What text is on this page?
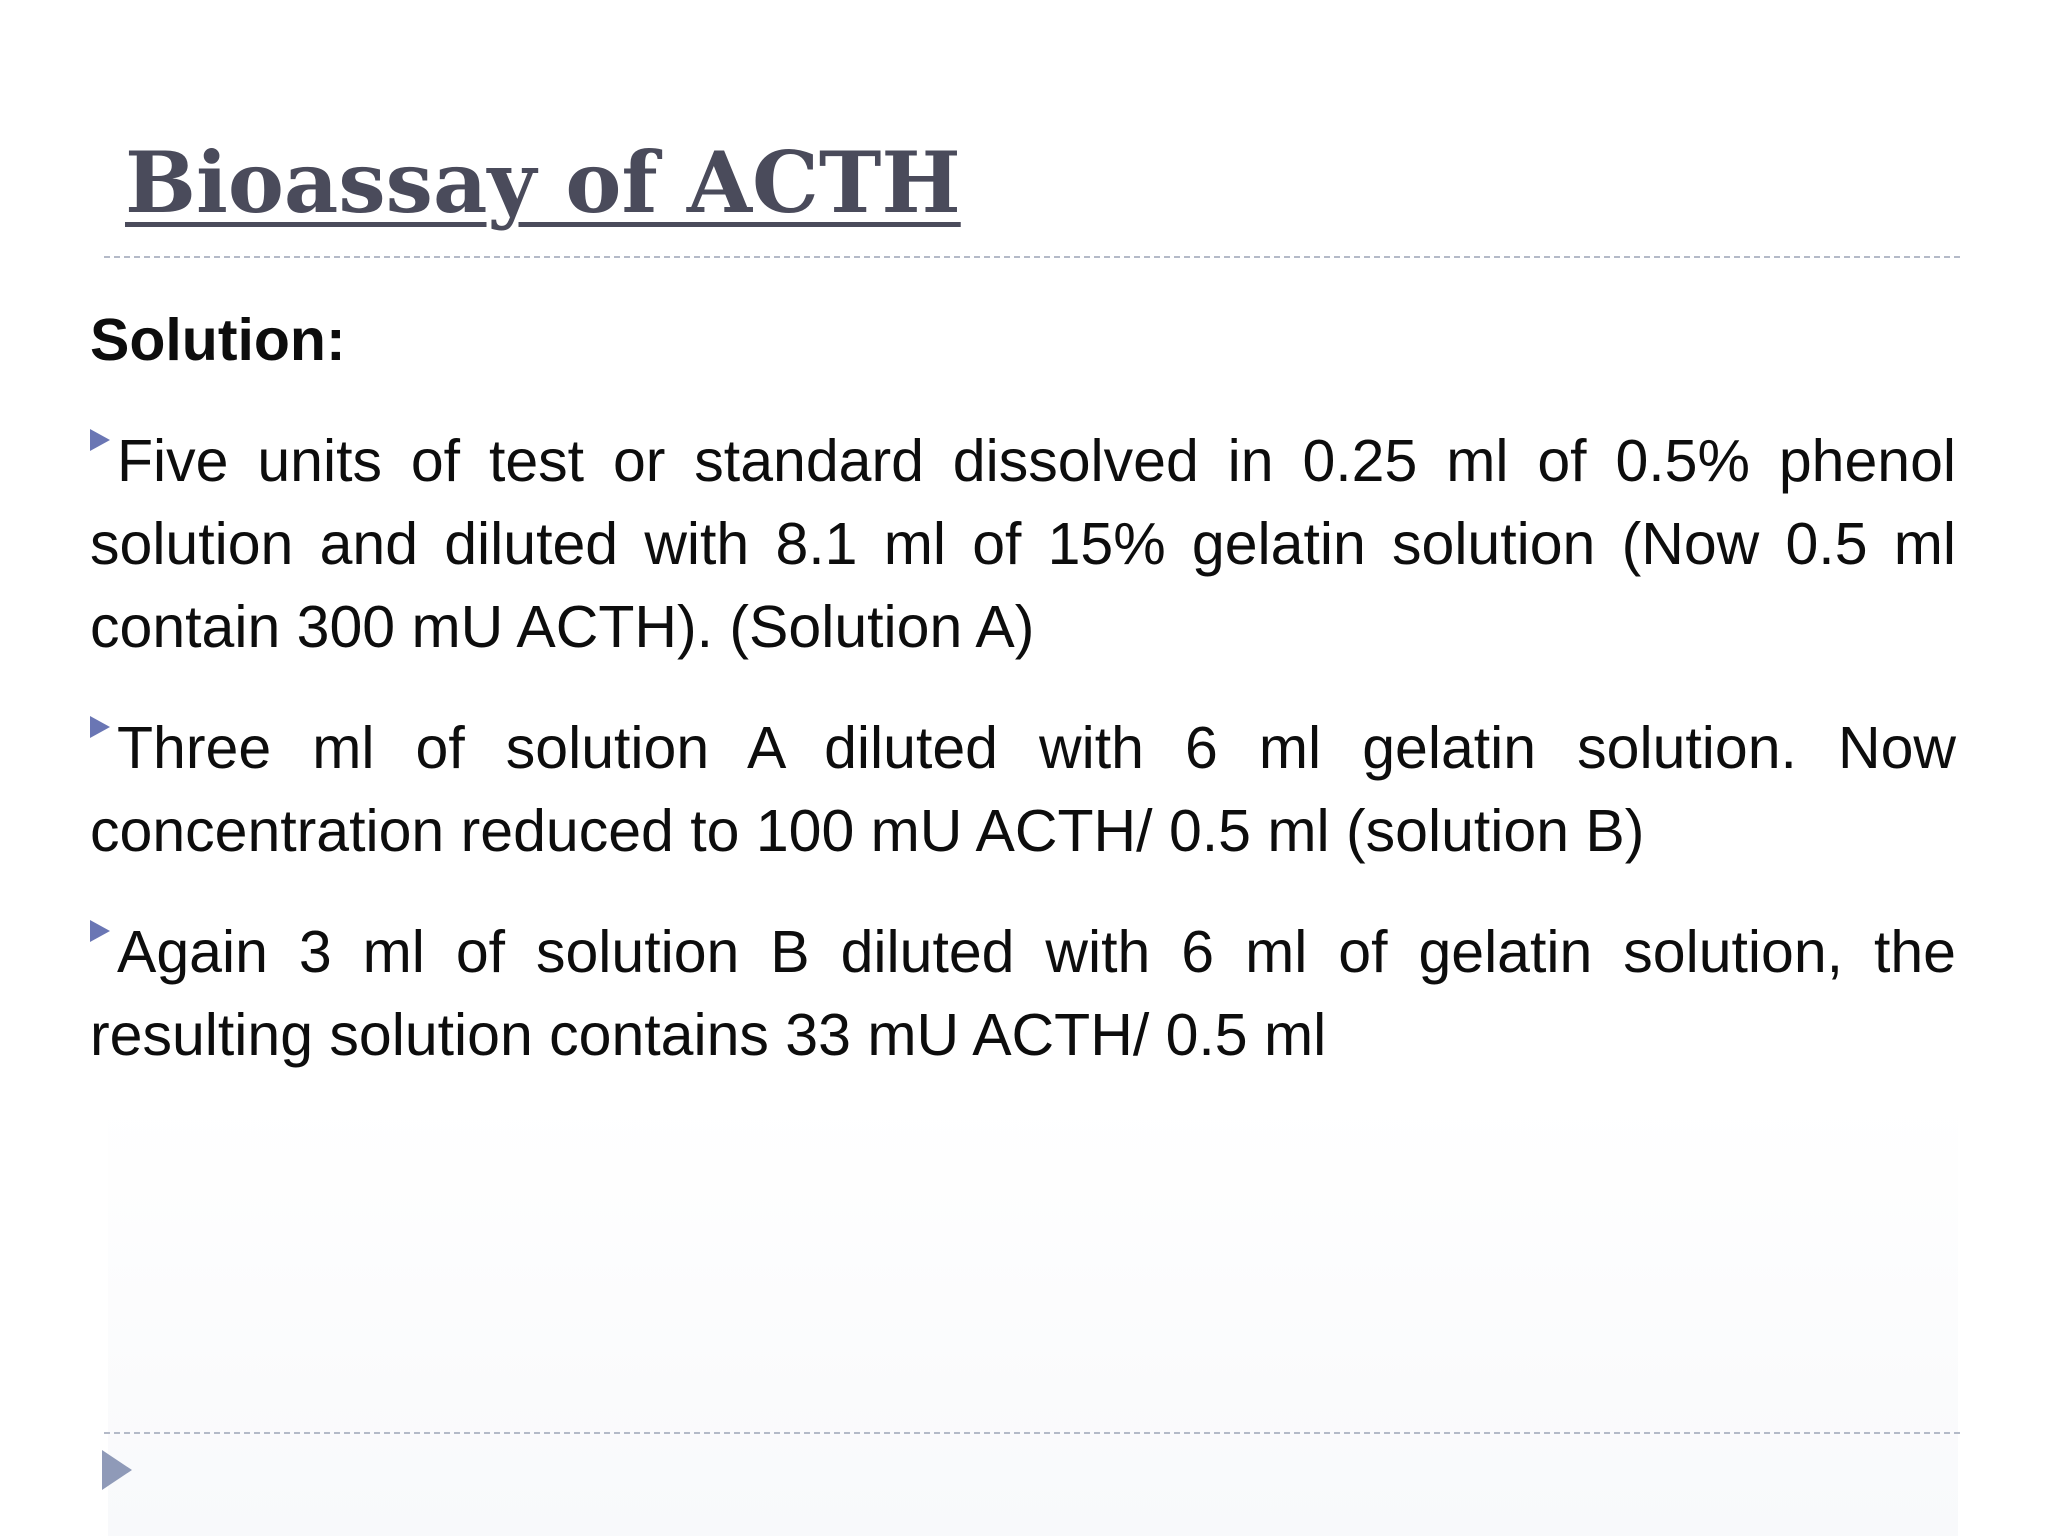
Bioassay of ACTH

Solution:

Five units of test or standard dissolved in 0.25 ml of 0.5% phenol solution and diluted with 8.1 ml of 15% gelatin solution (Now 0.5 ml contain 300 mU ACTH). (Solution A)

Three ml of solution A diluted with 6 ml gelatin solution. Now concentration reduced to 100 mU ACTH/ 0.5 ml (solution B)

Again 3 ml of solution B diluted with 6 ml of gelatin solution, the resulting solution contains 33 mU ACTH/ 0.5 ml
